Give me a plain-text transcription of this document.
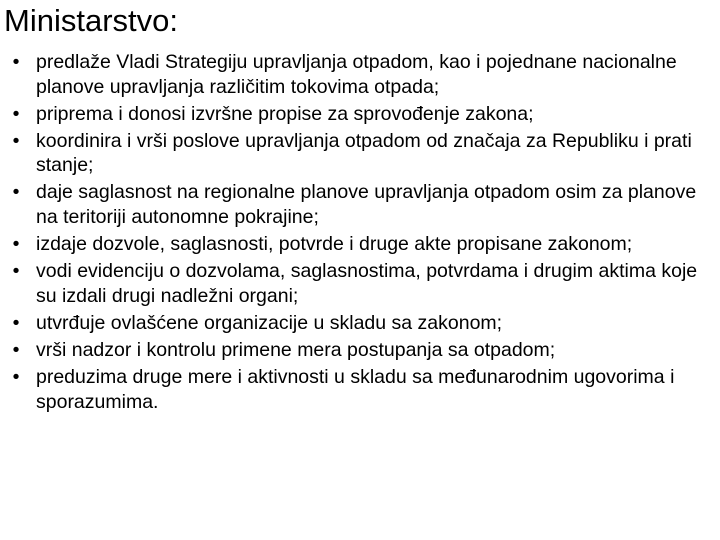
Ministarstvo:
• predlaže Vladi Strategiju upravljanja otpadom, kao i pojednane nacionalne planove upravljanja različitim tokovima otpada;
• priprema i donosi izvršne propise za sprovođenje zakona;
• koordinira i vrši poslove upravljanja otpadom od značaja za Republiku i prati stanje;
• daje saglasnost na regionalne planove upravljanja otpadom osim za planove na teritoriji autonomne pokrajine;
• izdaje dozvole, saglasnosti, potvrde i druge akte propisane zakonom;
• vodi evidenciju o dozvolama, saglasnostima, potvrdama i drugim aktima koje su izdali drugi nadležni organi;
• utvrđuje ovlašćene organizacije u skladu sa zakonom;
• vrši nadzor i kontrolu primene mera postupanja sa otpadom;
• preduzima druge mere i aktivnosti u skladu sa međunarodnim ugovorima i sporazumima.
